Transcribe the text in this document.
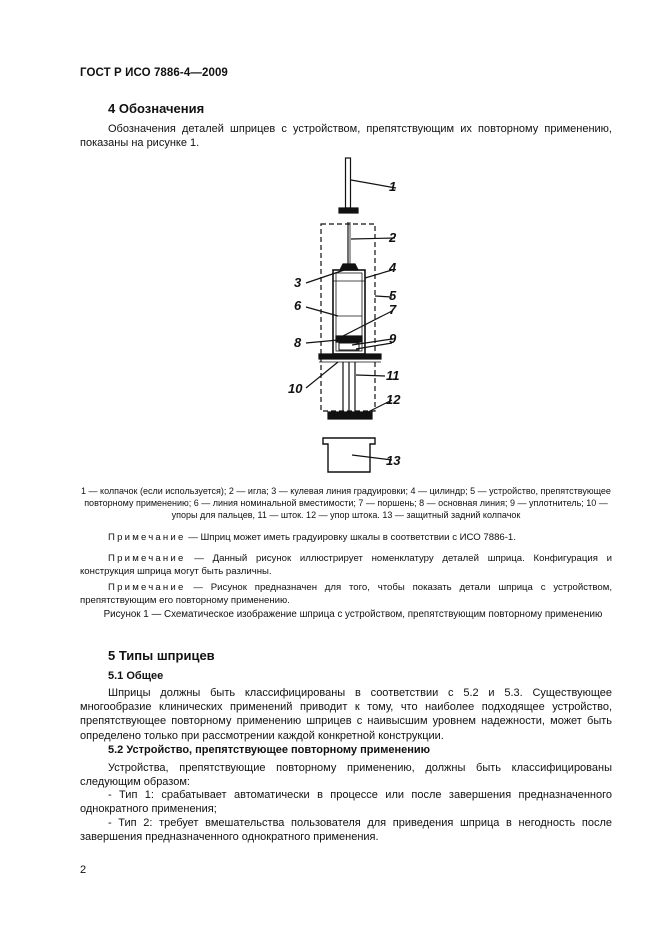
ГОСТ Р ИСО 7886-4—2009
4 Обозначения
Обозначения деталей шприцев с устройством, препятствующим их повторному применению, показаны на рисунке 1.
1
2
3
4
5
6	7
8	9
10
11
12
13
1 — колпачок (если используется); 2 — игла; 3 — кулевая линия градуировки; 4 — цилиндр; 5 — устройство, препятствующее повторному применению; 6 — линия номинальной вместимости; 7 — поршень; 8 — основная линия; 9 — уплотнитель; 10 — упоры для пальцев, 11 — шток. 12 — упор штока. 13 — защитный задний колпачок
Примечание — Шприц может иметь градуировку шкалы в соответствии с ИСО 7886-1.
Примечание — Данный рисунок иллюстрирует номенклатуру деталей шприца. Конфигурация и конструкция шприца могут быть различны.
Примечание — Рисунок предназначен для того, чтобы показать детали шприца с устройством, препятствующим его повторному применению.
Рисунок 1 — Схематическое изображение шприца с устройством, препятствующим повторному применению
5 Типы шприцев
5.1 Общее
Шприцы должны быть классифицированы в соответствии с 5.2 и 5.3. Существующее многообразие клинических применений приводит к тому, что наиболее подходящее устройство, препятствующее повторному применению шприцев с наивысшим уровнем надежности, может быть определено только при рассмотрении каждой конкретной конструкции.
5.2 Устройство, препятствующее повторному применению
Устройства, препятствующие повторному применению, должны быть классифицированы следующим образом:
- Тип 1: срабатывает автоматически в процессе или после завершения предназначенного однократного применения;
- Тип 2: требует вмешательства пользователя для приведения шприца в негодность после завершения предназначенного однократного применения.
2
